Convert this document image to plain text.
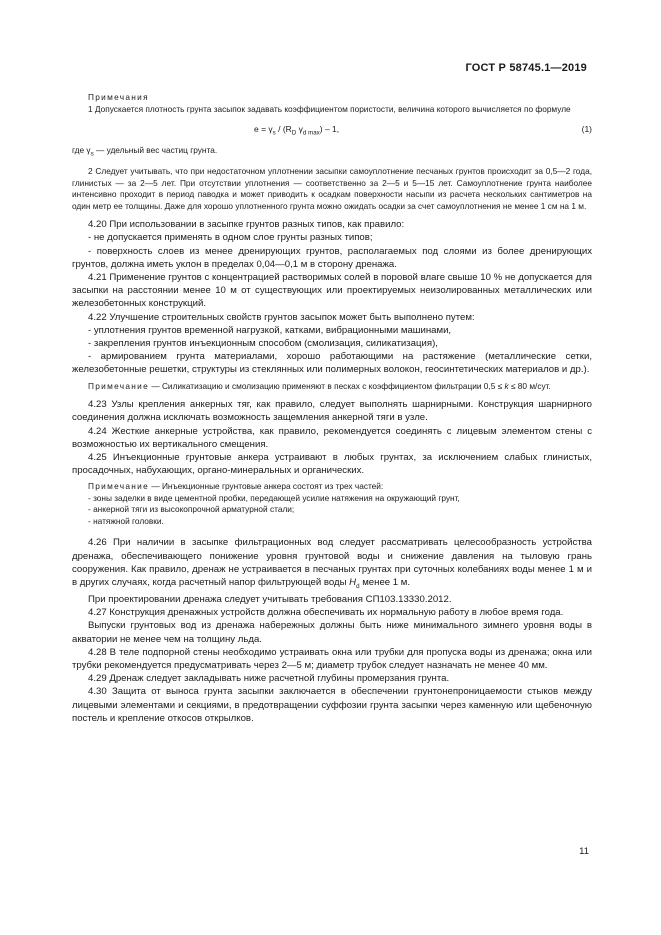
ГОСТ Р 58745.1—2019

Примечания

1 Допускается плотность грунта засыпок задавать коэффициентом пористости, величина которого вычисляется по формуле

$e = \gamma_s / (R_D$ $\gamma_{d max}) - 1$,	(1)

где $\gamma_s$ — удельный вес частиц грунта.

2 Следует учитывать, что при недостаточном уплотнении засыпки самоуплотнение песчаных грунтов происходит за 0,5—2 года, глинистых — за 2—5 лет. При отсутствии уплотнения — соответственно за 2—5 и 5—15 лет. Самоуплотнение грунта наиболее интенсивно проходит в период паводка и может приводить к осадкам поверхности насыпи из расчета нескольких сантиметров на один метр ее толщины. Даже для хорошо уплотненного грунта можно ожидать осадки за счет самоуплотнения не менее 1 см на 1 м.

4.20 При использовании в засыпке грунтов разных типов, как правило:

- не допускается применять в одном слое грунты разных типов;

- поверхность слоев из менее дренирующих грунтов, располагаемых под слоями из более дренирующих грунтов, должна иметь уклон в пределах 0,04—0,1 м в сторону дренажа.

4.21 Применение грунтов с концентрацией растворимых солей в поровой влаге свыше 10 % не допускается для засыпки на расстоянии менее 10 м от существующих или проектируемых неизолированных металлических или железобетонных конструкций.

4.22 Улучшение строительных свойств грунтов засыпок может быть выполнено путем:

- уплотнения грунтов временной нагрузкой, катками, вибрационными машинами,

- закрепления грунтов инъекционным способом (смолизация, силикатизация),

- армированием грунта материалами, хорошо работающими на растяжение (металлические сетки, железобетонные решетки, структуры из стеклянных или полимерных волокон, геосинтетических материалов и др.).

Примечание — Силикатизацию и смолизацию применяют в песках с коэффициентом фильтрации 0,5 ≤ k ≤ 80 м/сут.

4.23 Узлы крепления анкерных тяг, как правило, следует выполнять шарнирными. Конструкция шарнирного соединения должна исключать возможность защемления анкерной тяги в узле.

4.24 Жесткие анкерные устройства, как правило, рекомендуется соединять с лицевым элементом стены с возможностью их вертикального смещения.

4.25 Инъекционные грунтовые анкера устраивают в любых грунтах, за исключением слабых глинистых, просадочных, набухающих, органо-минеральных и органических.

Примечание — Инъекционные грунтовые анкера состоят из трех частей:

- зоны заделки в виде цементной пробки, передающей усилие натяжения на окружающий грунт,

- анкерной тяги из высокопрочной арматурной стали;

- натяжной головки.

4.26 При наличии в засыпке фильтрационных вод следует рассматривать целесообразность устройства дренажа, обеспечивающего понижение уровня грунтовой воды и снижение давления на тыловую грань сооружения. Как правило, дренаж не устраивается в песчаных грунтах при суточных колебаниях воды менее 1 м и в других случаях, когда расчетный напор фильтрующей воды $H_d$ менее 1 м.

При проектировании дренажа следует учитывать требования СП103.13330.2012.

4.27 Конструкция дренажных устройств должна обеспечивать их нормальную работу в любое время года.

Выпуски грунтовых вод из дренажа набережных должны быть ниже минимального зимнего уровня воды в акватории не менее чем на толщину льда.

4.28 В теле подпорной стены необходимо устраивать окна или трубки для пропуска воды из дренажа; окна или трубки рекомендуется предусматривать через 2—5 м; диаметр трубок следует назначать не менее 40 мм.

4.29 Дренаж следует закладывать ниже расчетной глубины промерзания грунта.

4.30 Защита от выноса грунта засыпки заключается в обеспечении грунтонепроницаемости стыков между лицевыми элементами и секциями, в предотвращении суффозии грунта засыпки через каменную или щебеночную постель и крепление откосов открылков.

11
